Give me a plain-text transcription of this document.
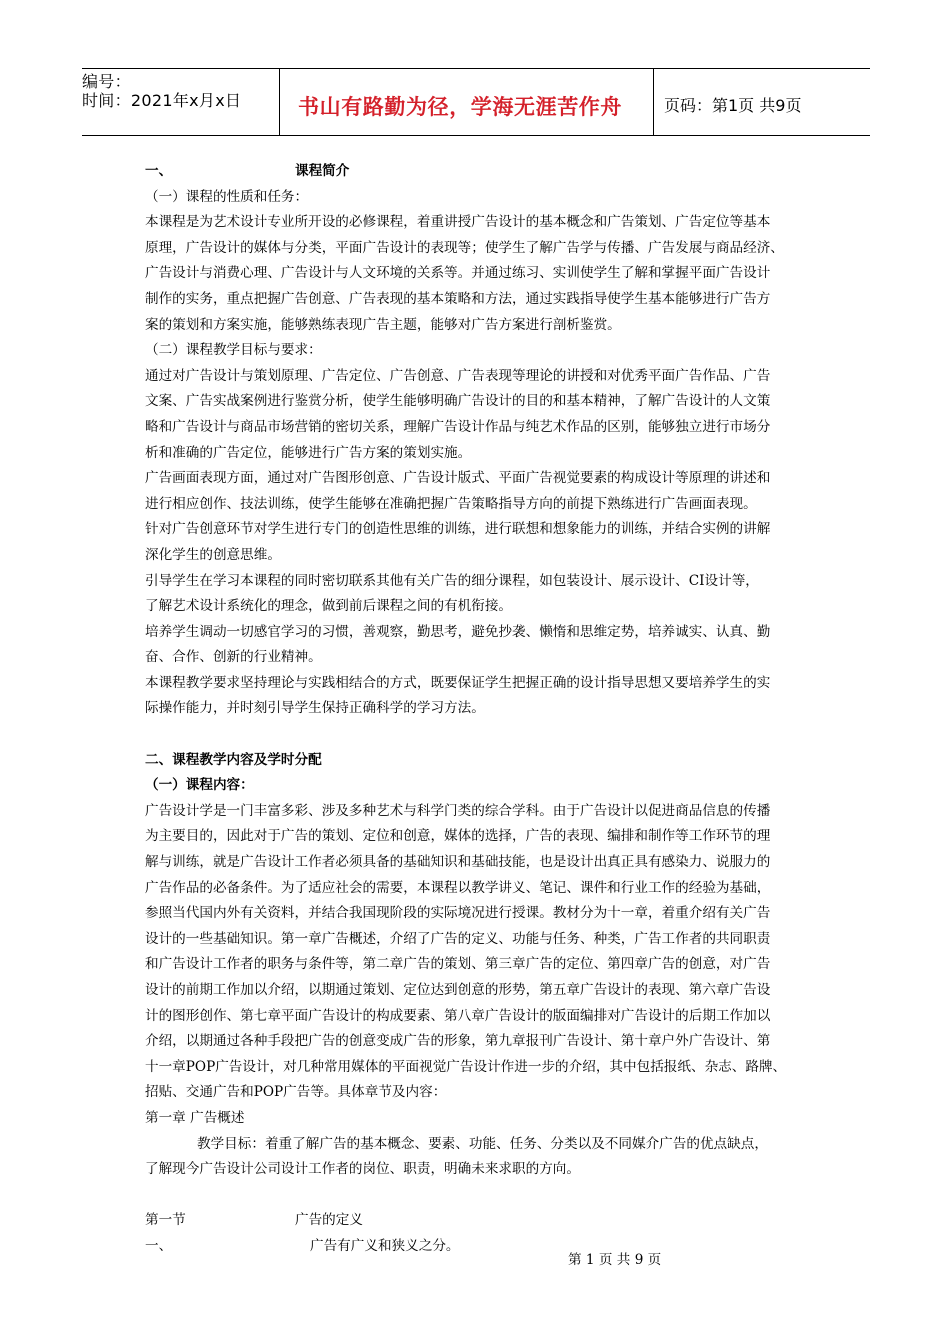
编号：
时间：2021年x月x日	书山有路勤为径，学海无涯苦作舟	页码：第1页 共9页

一、	课程简介

（一）课程的性质和任务：

本课程是为艺术设计专业所开设的必修课程，着重讲授广告设计的基本概念和广告策划、广告定位等基本

原理，广告设计的媒体与分类，平面广告设计的表现等；使学生了解广告学与传播、广告发展与商品经济、

广告设计与消费心理、广告设计与人文环境的关系等。并通过练习、实训使学生了解和掌握平面广告设计

制作的实务，重点把握广告创意、广告表现的基本策略和方法，通过实践指导使学生基本能够进行广告方

案的策划和方案实施，能够熟练表现广告主题，能够对广告方案进行剖析鉴赏。

（二）课程教学目标与要求：

通过对广告设计与策划原理、广告定位、广告创意、广告表现等理论的讲授和对优秀平面广告作品、广告

文案、广告实战案例进行鉴赏分析，使学生能够明确广告设计的目的和基本精神，了解广告设计的人文策

略和广告设计与商品市场营销的密切关系，理解广告设计作品与纯艺术作品的区别，能够独立进行市场分

析和准确的广告定位，能够进行广告方案的策划实施。

广告画面表现方面，通过对广告图形创意、广告设计版式、平面广告视觉要素的构成设计等原理的讲述和

进行相应创作、技法训练，使学生能够在准确把握广告策略指导方向的前提下熟练进行广告画面表现。

针对广告创意环节对学生进行专门的创造性思维的训练，进行联想和想象能力的训练，并结合实例的讲解

深化学生的创意思维。

引导学生在学习本课程的同时密切联系其他有关广告的细分课程，如包装设计、展示设计、CI设计等，

了解艺术设计系统化的理念，做到前后课程之间的有机衔接。

培养学生调动一切感官学习的习惯，善观察，勤思考，避免抄袭、懒惰和思维定势，培养诚实、认真、勤

奋、合作、创新的行业精神。

本课程教学要求坚持理论与实践相结合的方式，既要保证学生把握正确的设计指导思想又要培养学生的实

际操作能力，并时刻引导学生保持正确科学的学习方法。

二、课程教学内容及学时分配

（一）课程内容：

广告设计学是一门丰富多彩、涉及多种艺术与科学门类的综合学科。由于广告设计以促进商品信息的传播

为主要目的，因此对于广告的策划、定位和创意，媒体的选择，广告的表现、编排和制作等工作环节的理

解与训练，就是广告设计工作者必须具备的基础知识和基础技能，也是设计出真正具有感染力、说服力的

广告作品的必备条件。为了适应社会的需要，本课程以教学讲义、笔记、课件和行业工作的经验为基础，

参照当代国内外有关资料，并结合我国现阶段的实际境况进行授课。教材分为十一章，着重介绍有关广告

设计的一些基础知识。第一章广告概述，介绍了广告的定义、功能与任务、种类，广告工作者的共同职责

和广告设计工作者的职务与条件等，第二章广告的策划、第三章广告的定位、第四章广告的创意，对广告

设计的前期工作加以介绍，以期通过策划、定位达到创意的形势，第五章广告设计的表现、第六章广告设

计的图形创作、第七章平面广告设计的构成要素、第八章广告设计的版面编排对广告设计的后期工作加以

介绍，以期通过各种手段把广告的创意变成广告的形象，第九章报刊广告设计、第十章户外广告设计、第

十一章POP广告设计，对几种常用媒体的平面视觉广告设计作进一步的介绍，其中包括报纸、杂志、路牌、

招贴、交通广告和POP广告等。具体章节及内容：

第一章 广告概述

教学目标：着重了解广告的基本概念、要素、功能、任务、分类以及不同媒介广告的优点缺点，

了解现今广告设计公司设计工作者的岗位、职责，明确未来求职的方向。

第一节	广告的定义

一、	广告有广义和狭义之分。

第 1 页 共 9 页
